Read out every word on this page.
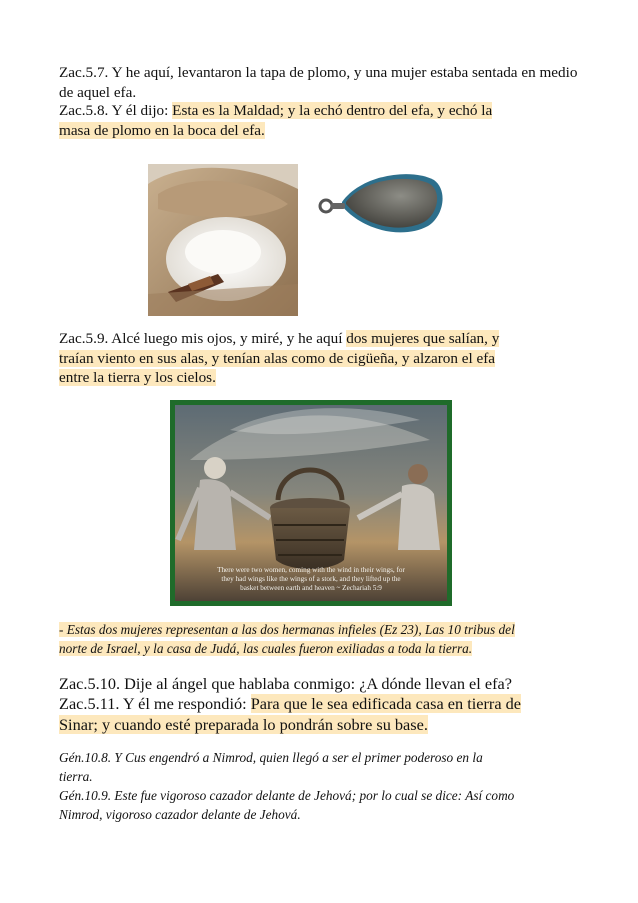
Zac.5.7. Y he aquí, levantaron la tapa de plomo, y una mujer estaba sentada en medio de aquel efa.

Zac.5.8. Y él dijo: Esta es la Maldad; y la echó dentro del efa, y echó la
masa de plomo en la boca del efa.

Zac.5.9. Alcé luego mis ojos, y miré, y he aquí dos mujeres que salían, y
traían viento en sus alas, y tenían alas como de cigüeña, y alzaron el efa
entre la tierra y los cielos.

There were two women, coming with the wind in their wings, for
they had wings like the wings of a stork, and they lifted up the
basket between earth and heaven ~ Zechariah 5:9

- Estas dos mujeres representan a las dos hermanas infieles (Ez 23), Las 10 tribus del
norte de Israel, y la casa de Judá, las cuales fueron exiliadas a toda la tierra.

Zac.5.10. Dije al ángel que hablaba conmigo: ¿A dónde llevan el efa?

Zac.5.11. Y él me respondió: Para que le sea edificada casa en tierra de
Sinar; y cuando esté preparada lo pondrán sobre su base.

Gén.10.8. Y Cus engendró a Nimrod, quien llegó a ser el primer poderoso en la
tierra.
Gén.10.9. Este fue vigoroso cazador delante de Jehová; por lo cual se dice: Así como
Nimrod, vigoroso cazador delante de Jehová.
